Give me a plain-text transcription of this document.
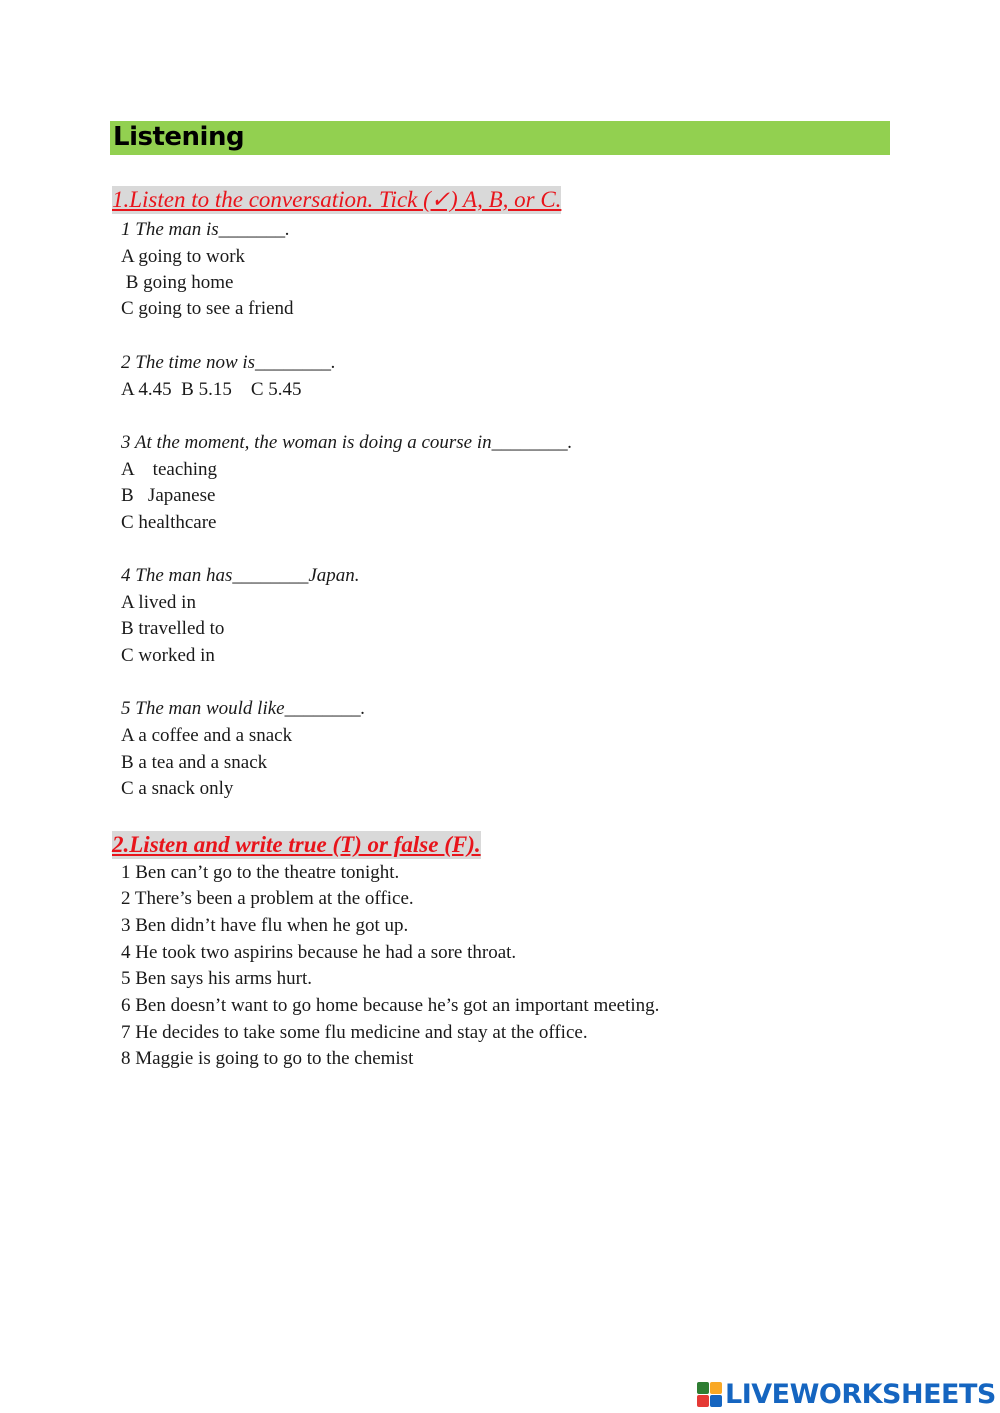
Listening
1.Listen to the conversation. Tick (✓) A, B, or C.
1 The man is_______.
A going to work
B going home
C going to see a friend
2 The time now is________.
A 4.45  B 5.15    C 5.45
3 At the moment, the woman is doing a course in________.
A    teaching
B   Japanese
C healthcare
4 The man has________Japan.
A lived in
B travelled to
C worked in
5 The man would like________.
A a coffee and a snack
B a tea and a snack
C a snack only
2.Listen and write true (T) or false (F).
1 Ben can’t go to the theatre tonight.
2 There’s been a problem at the office.
3 Ben didn’t have flu when he got up.
4 He took two aspirins because he had a sore throat.
5 Ben says his arms hurt.
6 Ben doesn’t want to go home because he’s got an important meeting.
7 He decides to take some flu medicine and stay at the office.
8 Maggie is going to go to the chemist
LIVEWORKSHEETS
